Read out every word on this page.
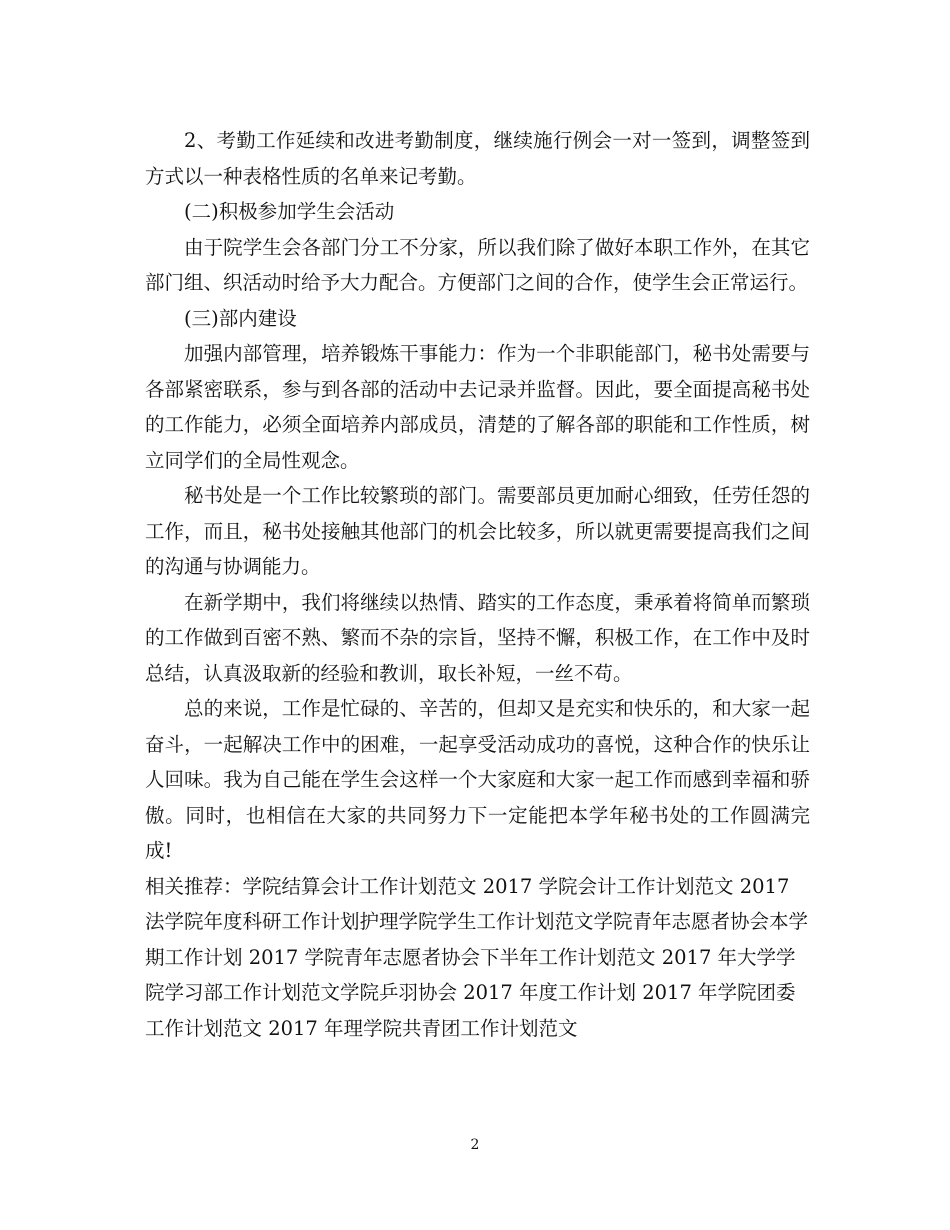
2、考勤工作延续和改进考勤制度，继续施行例会一对一签到，调整签到方式以一种表格性质的名单来记考勤。

(二)积极参加学生会活动

由于院学生会各部门分工不分家，所以我们除了做好本职工作外，在其它部门组、织活动时给予大力配合。方便部门之间的合作，使学生会正常运行。

(三)部内建设

加强内部管理，培养锻炼干事能力：作为一个非职能部门，秘书处需要与各部紧密联系，参与到各部的活动中去记录并监督。因此，要全面提高秘书处的工作能力，必须全面培养内部成员，清楚的了解各部的职能和工作性质，树立同学们的全局性观念。

秘书处是一个工作比较繁琐的部门。需要部员更加耐心细致，任劳任怨的工作，而且，秘书处接触其他部门的机会比较多，所以就更需要提高我们之间的沟通与协调能力。

在新学期中，我们将继续以热情、踏实的工作态度，秉承着将简单而繁琐的工作做到百密不熟、繁而不杂的宗旨，坚持不懈，积极工作，在工作中及时总结，认真汲取新的经验和教训，取长补短，一丝不苟。

总的来说，工作是忙碌的、辛苦的，但却又是充实和快乐的，和大家一起奋斗，一起解决工作中的困难，一起享受活动成功的喜悦，这种合作的快乐让人回味。我为自己能在学生会这样一个大家庭和大家一起工作而感到幸福和骄傲。同时，也相信在大家的共同努力下一定能把本学年秘书处的工作圆满完成!

相关推荐：学院结算会计工作计划范文 2017 学院会计工作计划范文 2017 法学院年度科研工作计划护理学院学生工作计划范文学院青年志愿者协会本学期工作计划 2017 学院青年志愿者协会下半年工作计划范文 2017 年大学学院学习部工作计划范文学院乒羽协会 2017 年度工作计划 2017 年学院团委工作计划范文 2017 年理学院共青团工作计划范文

2
